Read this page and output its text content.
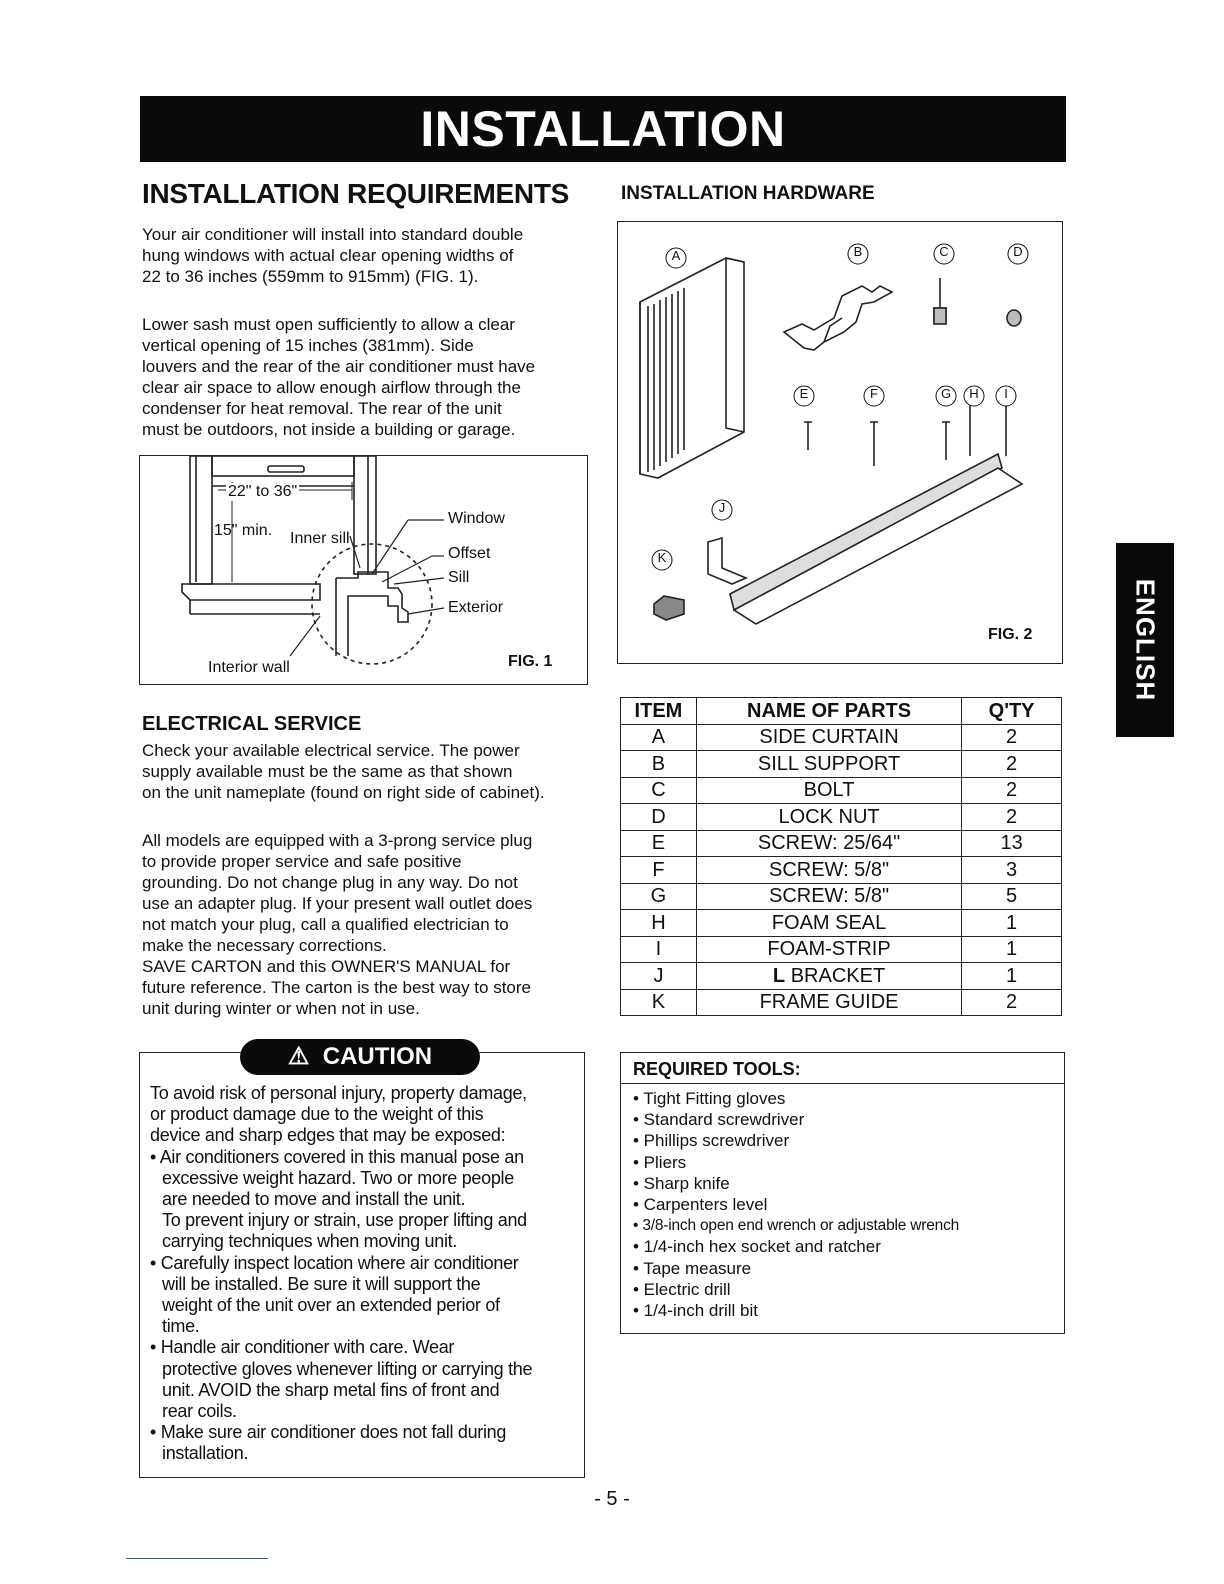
INSTALLATION
INSTALLATION REQUIREMENTS
Your air conditioner will install into standard double
hung windows with actual clear opening widths of
22 to 36 inches (559mm to 915mm) (FIG. 1).
Lower sash must open sufficiently to allow a clear
vertical opening of 15 inches (381mm). Side
louvers and the rear of the air conditioner must have
clear air space to allow enough airflow through the
condenser for heat removal. The rear of the unit
must be outdoors, not inside a building or garage.
22" to 36"
15" min. Inner sill
Window
Offset
Sill
Exterior
Interior wall	FIG. 1
ELECTRICAL SERVICE
Check your available electrical service. The power
supply available must be the same as that shown
on the unit nameplate (found on right side of cabinet).
All models are equipped with a 3-prong service plug
to provide proper service and safe positive
grounding. Do not change plug in any way. Do not
use an adapter plug. If your present wall outlet does
not match your plug, call a qualified electrician to
make the necessary corrections.
SAVE CARTON and this OWNER'S MANUAL for
future reference. The carton is the best way to store
unit during winter or when not in use.
⚠ CAUTION
To avoid risk of personal injury, property damage,
or product damage due to the weight of this
device and sharp edges that may be exposed:
• Air conditioners covered in this manual pose an
excessive weight hazard. Two or more people
are needed to move and install the unit.
To prevent injury or strain, use proper lifting and
carrying techniques when moving unit.
• Carefully inspect location where air conditioner
will be installed. Be sure it will support the
weight of the unit over an extended perior of
time.
• Handle air conditioner with care. Wear
protective gloves whenever lifting or carrying the
unit. AVOID the sharp metal fins of front and
rear coils.
• Make sure air conditioner does not fall during
installation.
INSTALLATION HARDWARE
A	B	C	D
E	F	G H	I
J
K
FIG. 2
ITEM	NAME OF PARTS	Q'TY
A	SIDE CURTAIN	2
B	SILL SUPPORT	2
C	BOLT	2
D	LOCK NUT	2
E	SCREW: 25/64"	13
F	SCREW: 5/8"	3
G	SCREW: 5/8"	5
H	FOAM SEAL	1
I	FOAM-STRIP	1
J	L BRACKET	1
K	FRAME GUIDE	2
REQUIRED TOOLS:
• Tight Fitting gloves
• Standard screwdriver
• Phillips screwdriver
• Pliers
• Sharp knife
• Carpenters level
• 3/8-inch open end wrench or adjustable wrench
• 1/4-inch hex socket and ratcher
• Tape measure
• Electric drill
• 1/4-inch drill bit
ENGLISH
- 5 -
